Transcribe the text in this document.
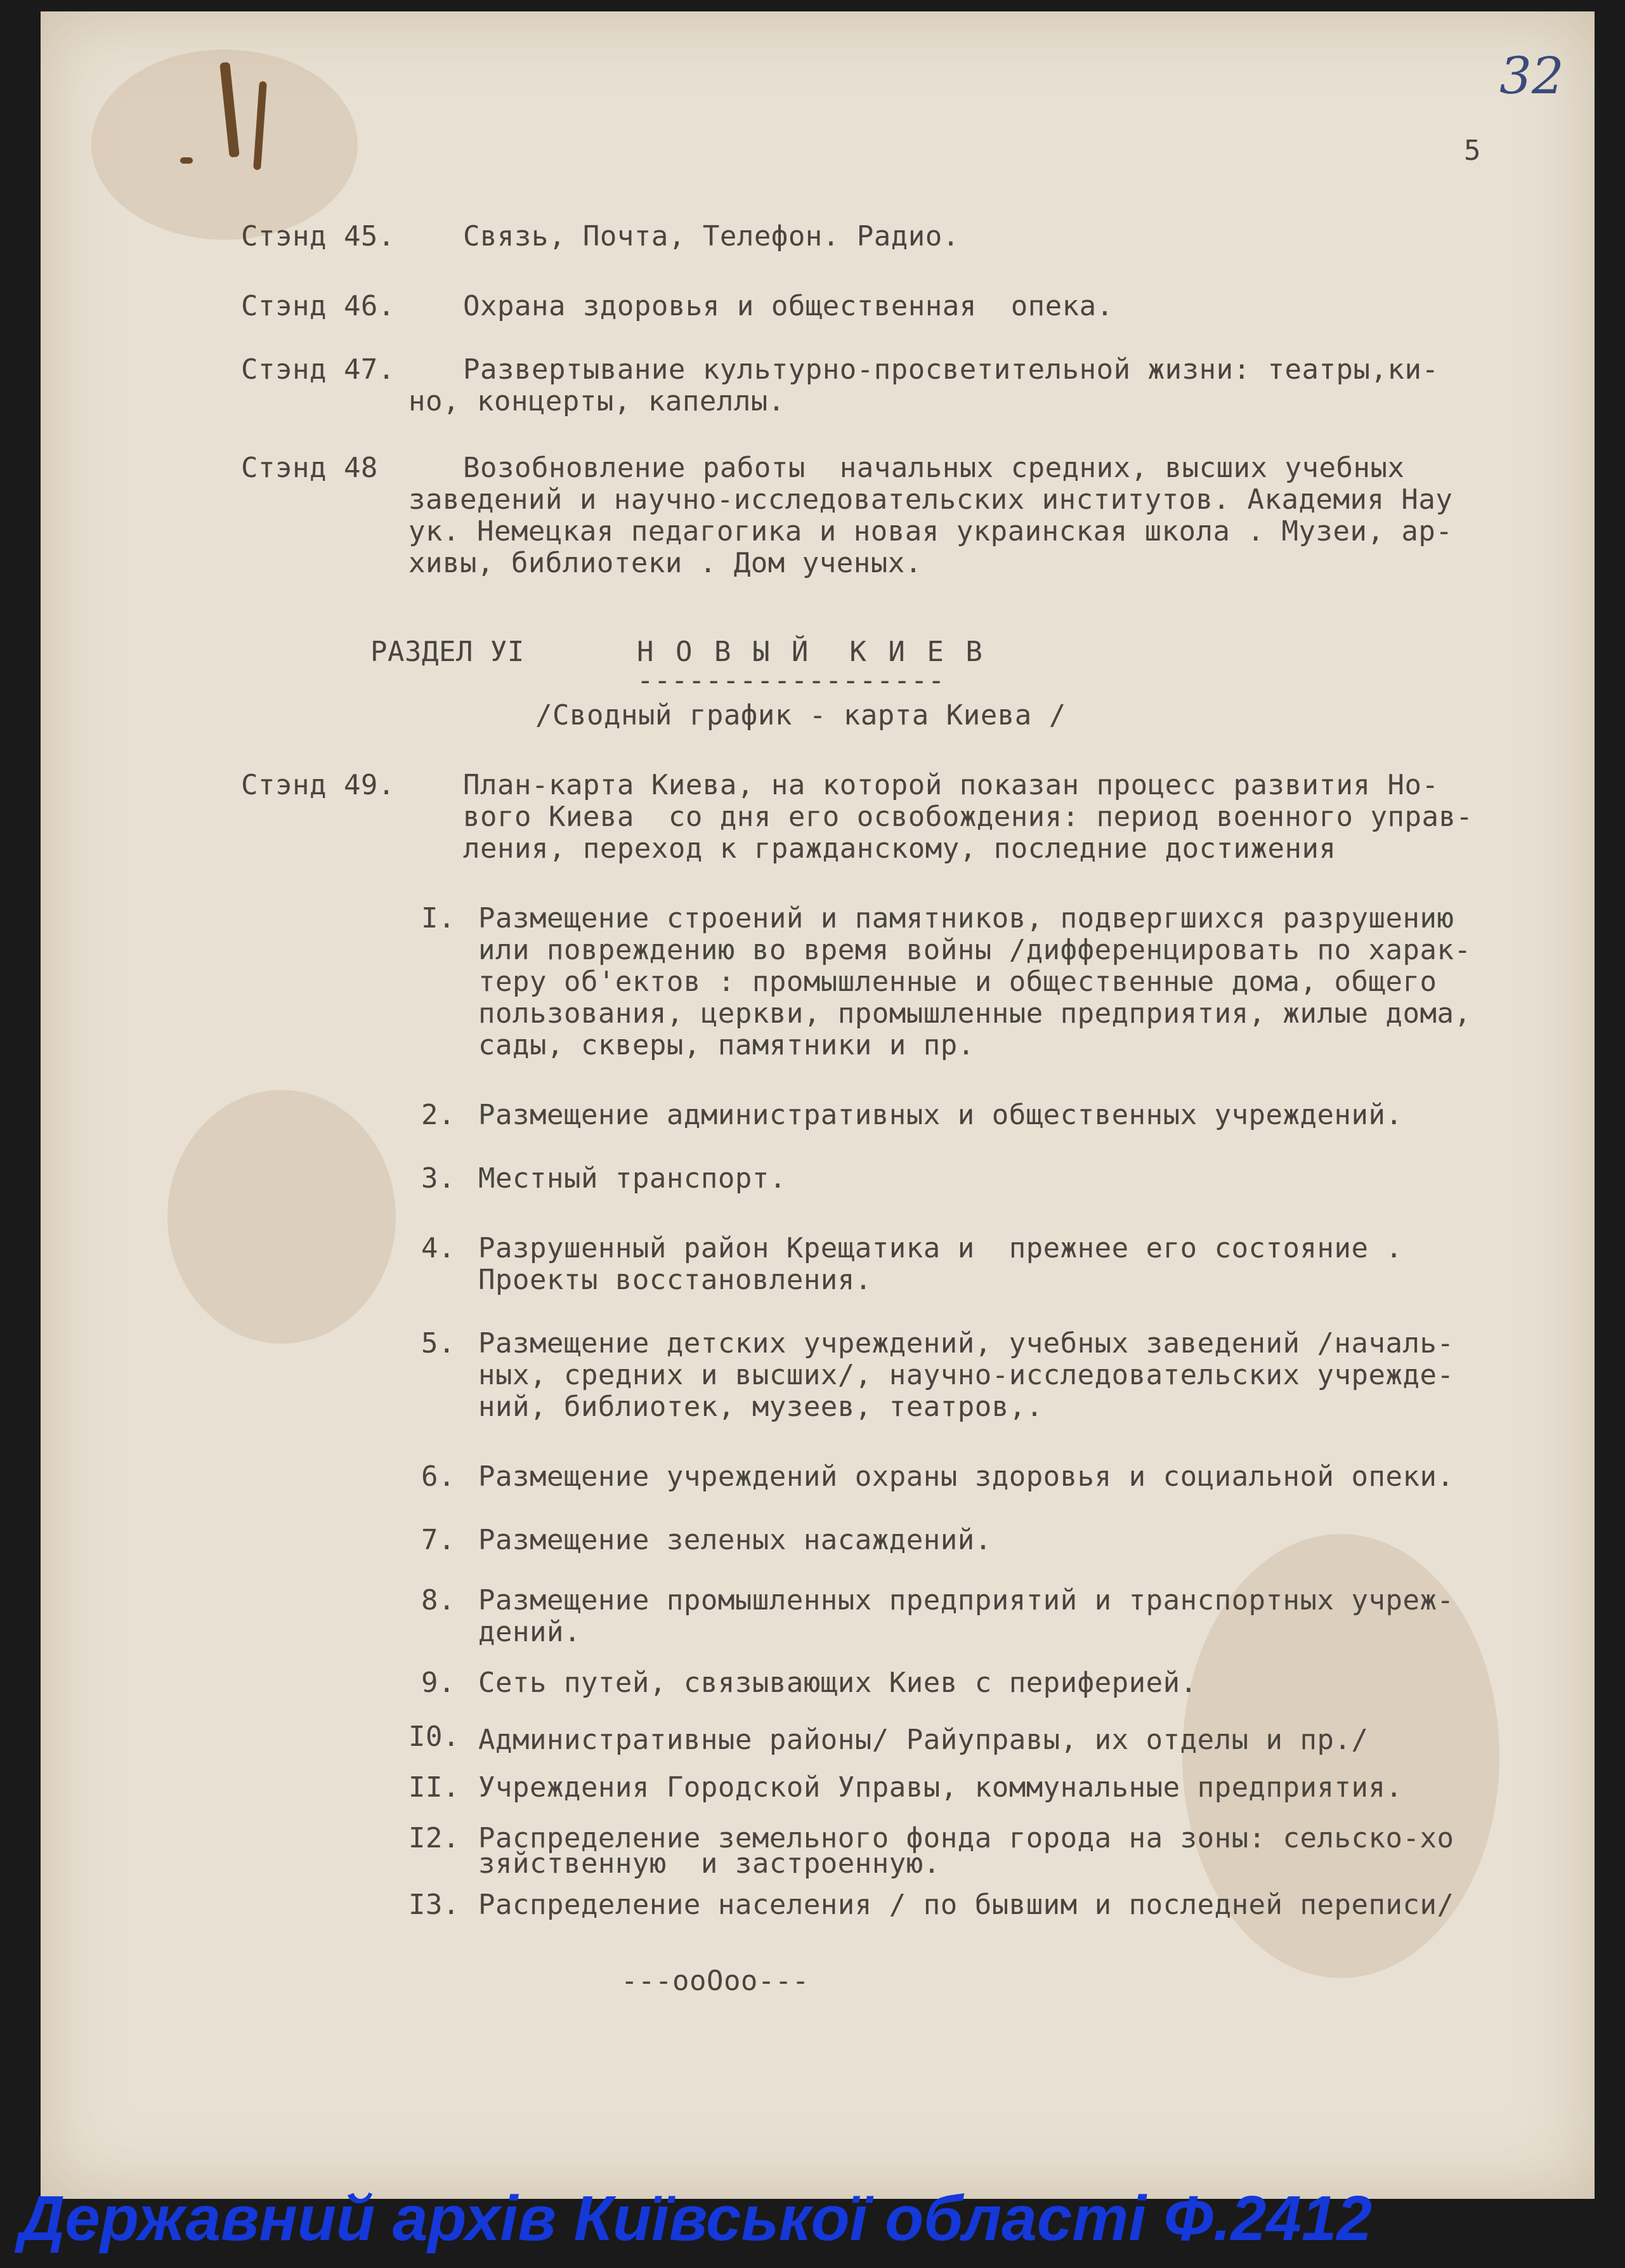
32
5
Стэнд 45. Связь, Почта, Телефон. Радио.
Стэнд 46. Охрана здоровья и общественная  опека.
Стэнд 47. Развертывание культурно-просветительной жизни: театры,ки-
но, концерты, капеллы.
Стэнд 48	Возобновление работы  начальных средних, высших учебных
заведений и научно-исследовательских институтов. Академия Нау
ук. Немецкая педагогика и новая украинская школа . Музеи, ар-
хивы, библиотеки . Дом ученых.
РАЗДЕЛ УI	Н О В Ы Й  К И Е В
------------------
/Сводный график - карта Киева /
Стэнд 49. План-карта Киева, на которой показан процесс развития Но-
вого Киева  со дня его освобождения: период военного управ-
ления, переход к гражданскому, последние достижения
I. Размещение строений и памятников, подвергшихся разрушению
или повреждению во время войны /дифференцировать по харак-
теру об'ектов : промышленные и общественные дома, общего
пользования, церкви, промышленные предприятия, жилые дома,
сады, скверы, памятники и пр.
2. Размещение административных и общественных учреждений.
3. Местный транспорт.
4. Разрушенный район Крещатика и  прежнее его состояние .
Проекты восстановления.
5. Размещение детских учреждений, учебных заведений /началь-
ных, средних и высших/, научно-исследовательских учрежде-
ний, библиотек, музеев, театров,.
6. Размещение учреждений охраны здоровья и социальной опеки.
7. Размещение зеленых насаждений.
8. Размещение промышленных предприятий и транспортных учреж-
дений.
9. Сеть путей, связывающих Киев с периферией.
I0. Административные районы/ Райуправы, их отделы и пр./
II. Учреждения Городской Управы, коммунальные предприятия.
I2. Распределение земельного фонда города на зоны: сельско-хо
зяйственную  и застроенную.
I3. Распределение населения / по бывшим и последней переписи/
---ooOoo---
Державний архів Київської області Ф.2412
